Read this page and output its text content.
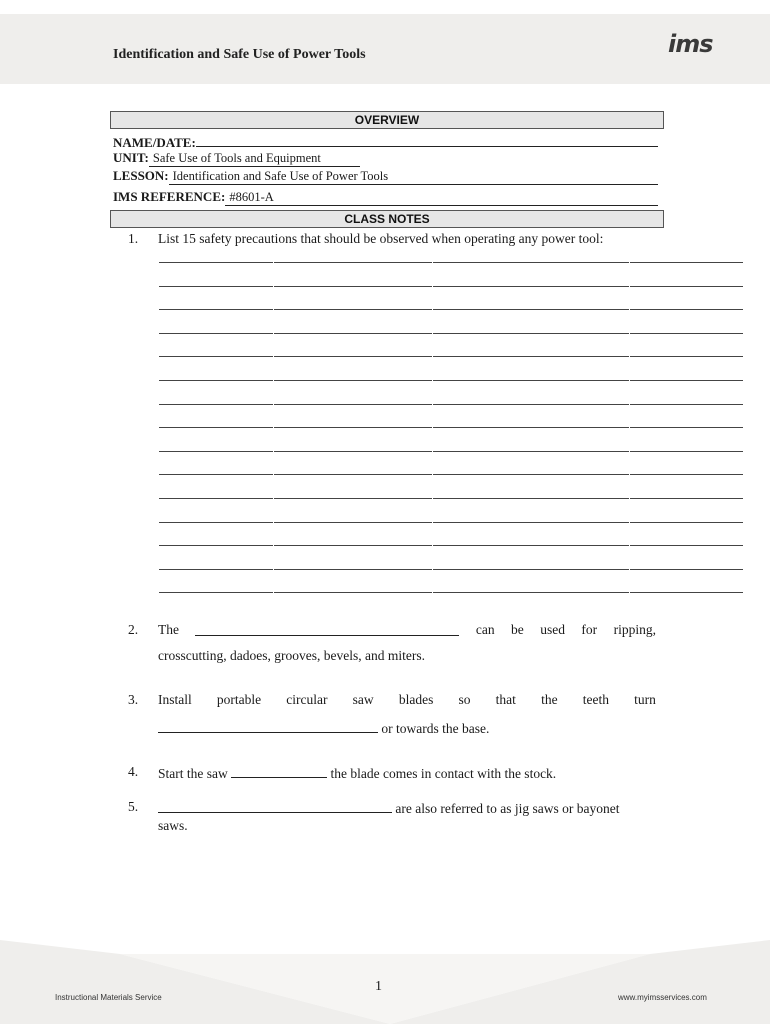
Identification and Safe Use of Power Tools	ims
OVERVIEW
NAME/DATE:
UNIT: Safe Use of Tools and Equipment
LESSON: Identification and Safe Use of Power Tools
IMS REFERENCE: #8601-A
CLASS NOTES
1. List 15 safety precautions that should be observed when operating any power tool:
2. The	can be used for ripping,
crosscutting, dadoes, grooves, bevels, and miters.
3. Install portable circular saw blades so that the teeth turn
or towards the base.
4. Start the saw	the blade comes in contact with the stock.
5.	are also referred to as jig saws or bayonet
saws.
1
Instructional Materials Service	www.myimsservices.com
